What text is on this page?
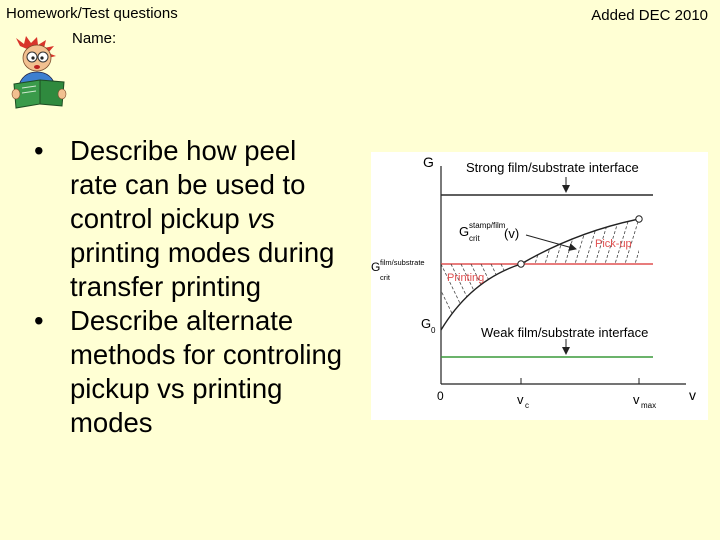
Homework/Test questions
Name:
Added DEC 2010
• Describe how peel rate can be used to control pickup vs printing modes during transfer printing
• Describe alternate methods for controling pickup vs printing modes
G
v
0
Strong film/substrate interface
Weak film/substrate interface
G stamp/film
crit (v)
G film/substrate
crit
G 0
Pick-up
Printing
v c	v max
